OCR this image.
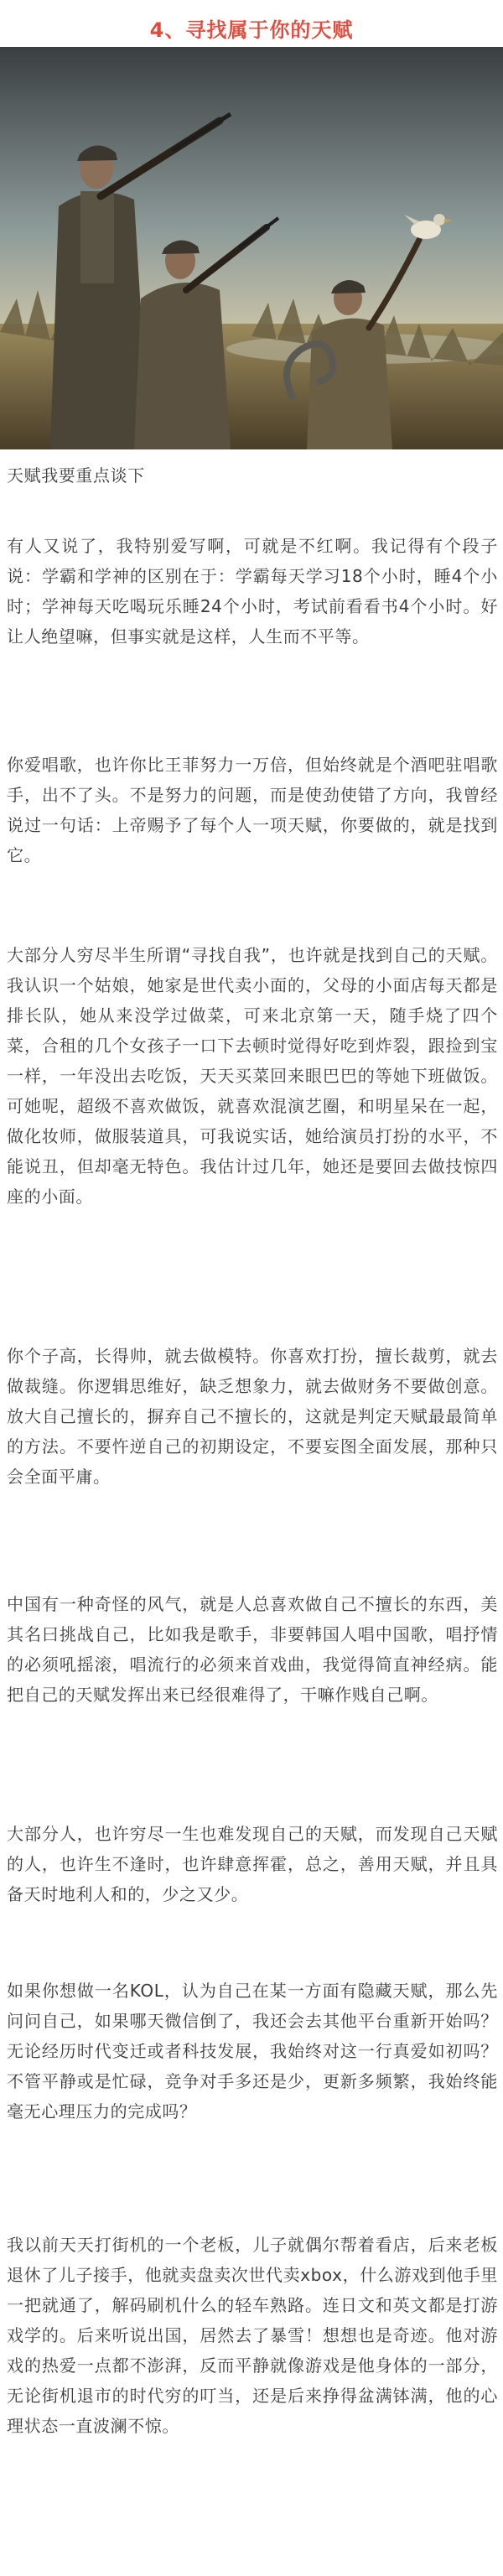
4、寻找属于你的天赋

天赋我要重点谈下

有人又说了，我特别爱写啊，可就是不红啊。我记得有个段子说：学霸和学神的区别在于：学霸每天学习18个小时，睡4个小时；学神每天吃喝玩乐睡24个小时，考试前看看书4个小时。好让人绝望嘛，但事实就是这样，人生而不平等。

你爱唱歌，也许你比王菲努力一万倍，但始终就是个酒吧驻唱歌手，出不了头。不是努力的问题，而是使劲使错了方向，我曾经说过一句话：上帝赐予了每个人一项天赋，你要做的，就是找到它。

大部分人穷尽半生所谓“寻找自我”，也许就是找到自己的天赋。我认识一个姑娘，她家是世代卖小面的，父母的小面店每天都是排长队，她从来没学过做菜，可来北京第一天，随手烧了四个菜，合租的几个女孩子一口下去顿时觉得好吃到炸裂，跟捡到宝一样，一年没出去吃饭，天天买菜回来眼巴巴的等她下班做饭。可她呢，超级不喜欢做饭，就喜欢混演艺圈，和明星呆在一起，做化妆师，做服装道具，可我说实话，她给演员打扮的水平，不能说丑，但却毫无特色。我估计过几年，她还是要回去做技惊四座的小面。

你个子高，长得帅，就去做模特。你喜欢打扮，擅长裁剪，就去做裁缝。你逻辑思维好，缺乏想象力，就去做财务不要做创意。放大自己擅长的，摒弃自己不擅长的，这就是判定天赋最最简单的方法。不要忤逆自己的初期设定，不要妄图全面发展，那种只会全面平庸。

中国有一种奇怪的风气，就是人总喜欢做自己不擅长的东西，美其名曰挑战自己，比如我是歌手，非要韩国人唱中国歌，唱抒情的必须吼摇滚，唱流行的必须来首戏曲，我觉得简直神经病。能把自己的天赋发挥出来已经很难得了，干嘛作贱自己啊。

大部分人，也许穷尽一生也难发现自己的天赋，而发现自己天赋的人，也许生不逢时，也许肆意挥霍，总之，善用天赋，并且具备天时地利人和的，少之又少。

如果你想做一名KOL，认为自己在某一方面有隐藏天赋，那么先问问自己，如果哪天微信倒了，我还会去其他平台重新开始吗？无论经历时代变迁或者科技发展，我始终对这一行真爱如初吗？不管平静或是忙碌，竞争对手多还是少，更新多频繁，我始终能毫无心理压力的完成吗？

我以前天天打街机的一个老板，儿子就偶尔帮着看店，后来老板退休了儿子接手，他就卖盘卖次世代卖xbox，什么游戏到他手里一把就通了，解码刷机什么的轻车熟路。连日文和英文都是打游戏学的。后来听说出国，居然去了暴雪！想想也是奇迹。他对游戏的热爱一点都不澎湃，反而平静就像游戏是他身体的一部分，无论街机退市的时代穷的叮当，还是后来挣得盆满钵满，他的心理状态一直波澜不惊。
